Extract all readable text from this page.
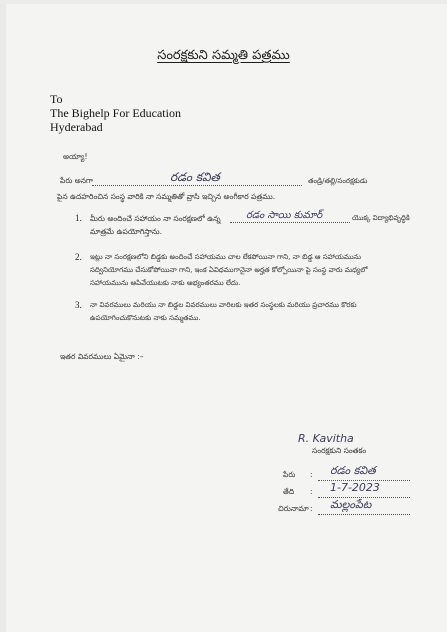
సంరక్షకుని సమ్మతి పత్రము
To
The Bighelp For Education
Hyderabad
అయ్యా!
పేరు అనగా	రడం కవిత	తండ్రి/తల్లి/సంరక్షకుడు
పైన ఉదహరించిన సంస్థ వారికి నా సమ్మతితో వ్రాసి ఇచ్చిన అంగీకార పత్రము.
1. మీరు అందించే సహాయం నా సంరక్షణలో ఉన్న	రడం సాయి కుమార్	యొక్క విద్యాభివృద్ధికి
మాత్రమే ఉపయోగిస్తాను.
2. ఇట్లు నా సంరక్షణలోని బిడ్డకు అందించే సహాయము చాల లేకపోయినా గాని, నా బిడ్డ ఆ సహాయమును
సద్వినియోగము చేసుకోపోయినా గాని, ఇంక ఏవిధముగానైనా అర్హత కోల్పోయినా పై సంస్థ వారు మధ్యలో
సహాయమును ఆపివేయుటకు నాకు అభ్యంతరము లేదు.
3. నా వివరములు మరియు నా బిడ్డల వివరములు వారిలకు ఇతర సంస్థలకు మరియు ప్రచారము కొరకు
ఉపయోగించుకొనుటకు నాకు సమ్మతము.
ఇతర వివరములు ఏమైనా :–
R. Kavitha
సంరక్షకుని సంతకం
పేరు : రడం కవిత
తేది : 1-7-2023
చిరునామా : మల్లంపేట
